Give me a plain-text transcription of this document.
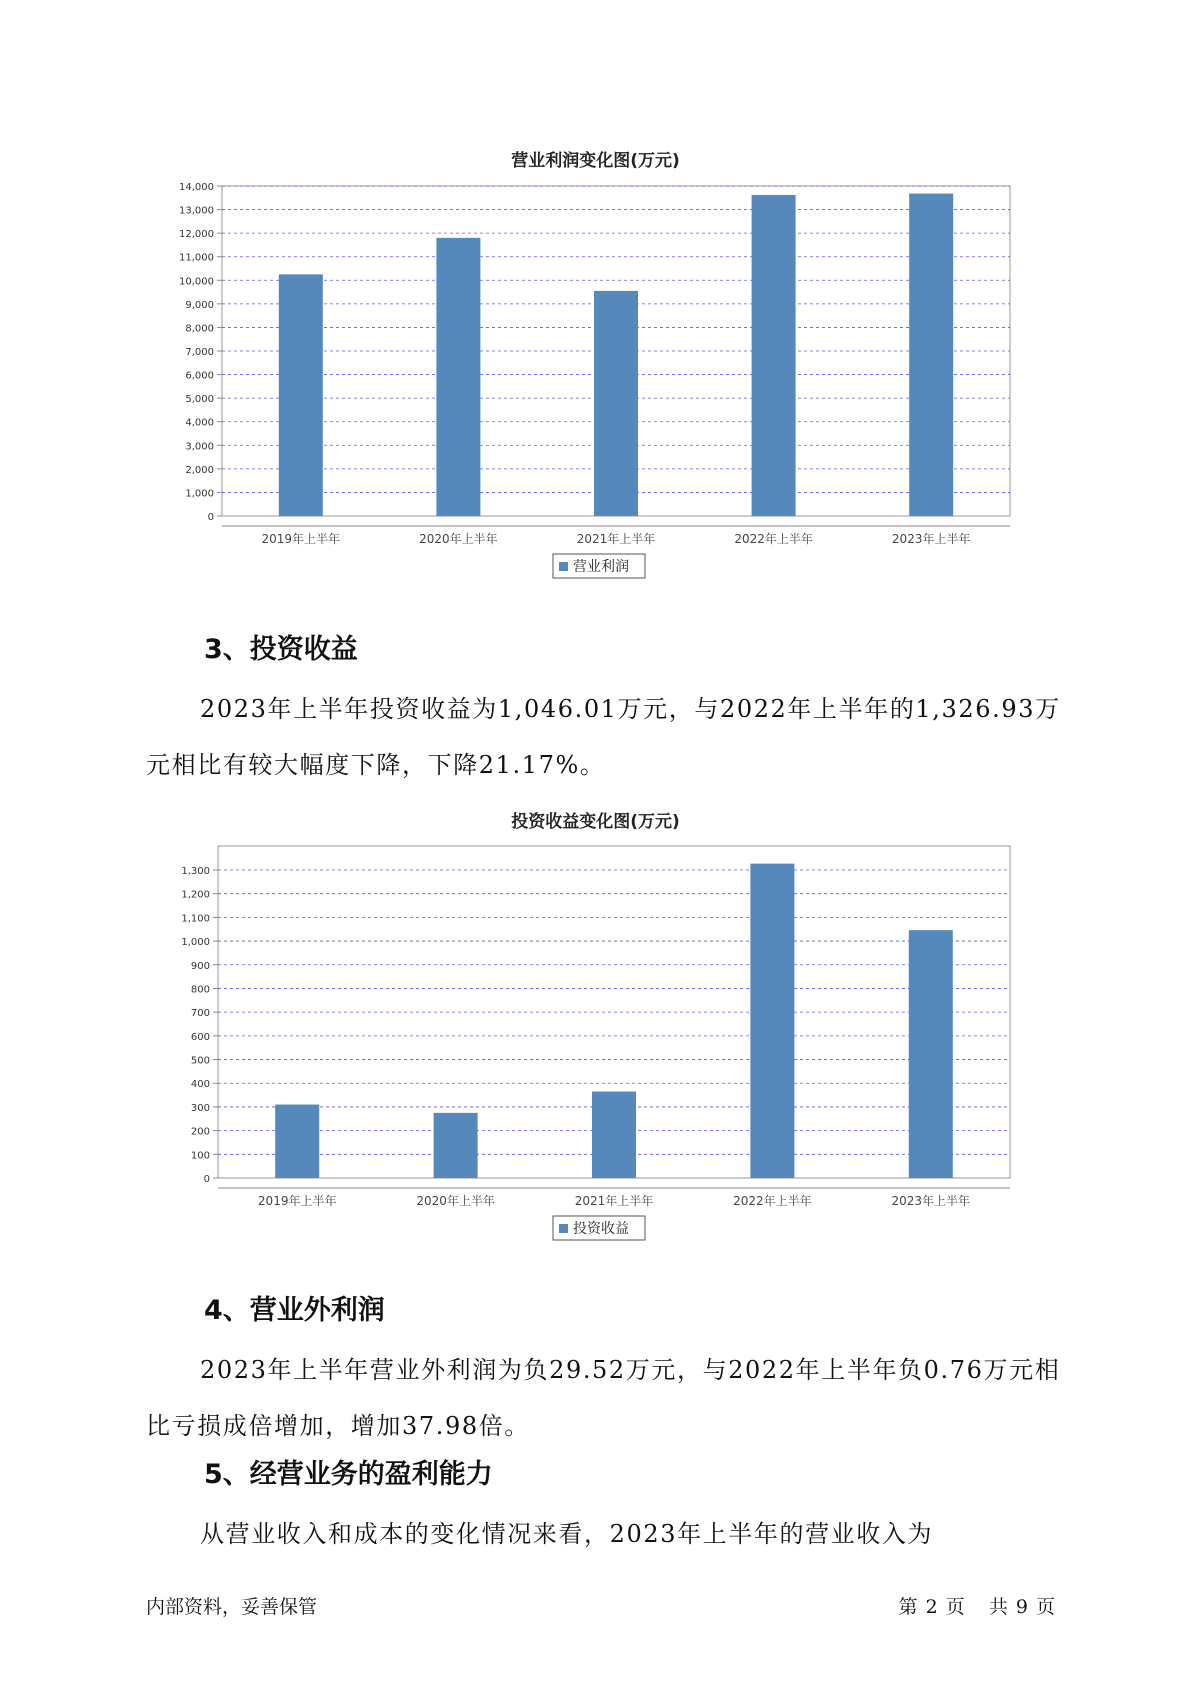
营业利润变化图(万元)
0
1,000
2,000
3,000
4,000
5,000
6,000
7,000
8,000
9,000
10,000
11,000
12,000
13,000
14,000
2019年上半年	2020年上半年	2021年上半年	2022年上半年	2023年上半年
营业利润
3、投资收益

2023年上半年投资收益为1,046.01万元，与2022年上半年的1,326.93万元相比有较大幅度下降，下降21.17%。

投资收益变化图(万元)
0
100
200
300
400
500
600
700
800
900
1,000
1,100
1,200
1,300
2019年上半年	2020年上半年	2021年上半年	2022年上半年	2023年上半年
投资收益
4、营业外利润

2023年上半年营业外利润为负29.52万元，与2022年上半年负0.76万元相比亏损成倍增加，增加37.98倍。

5、经营业务的盈利能力

从营业收入和成本的变化情况来看，2023年上半年的营业收入为

内部资料，妥善保管	第 2 页   共 9 页
